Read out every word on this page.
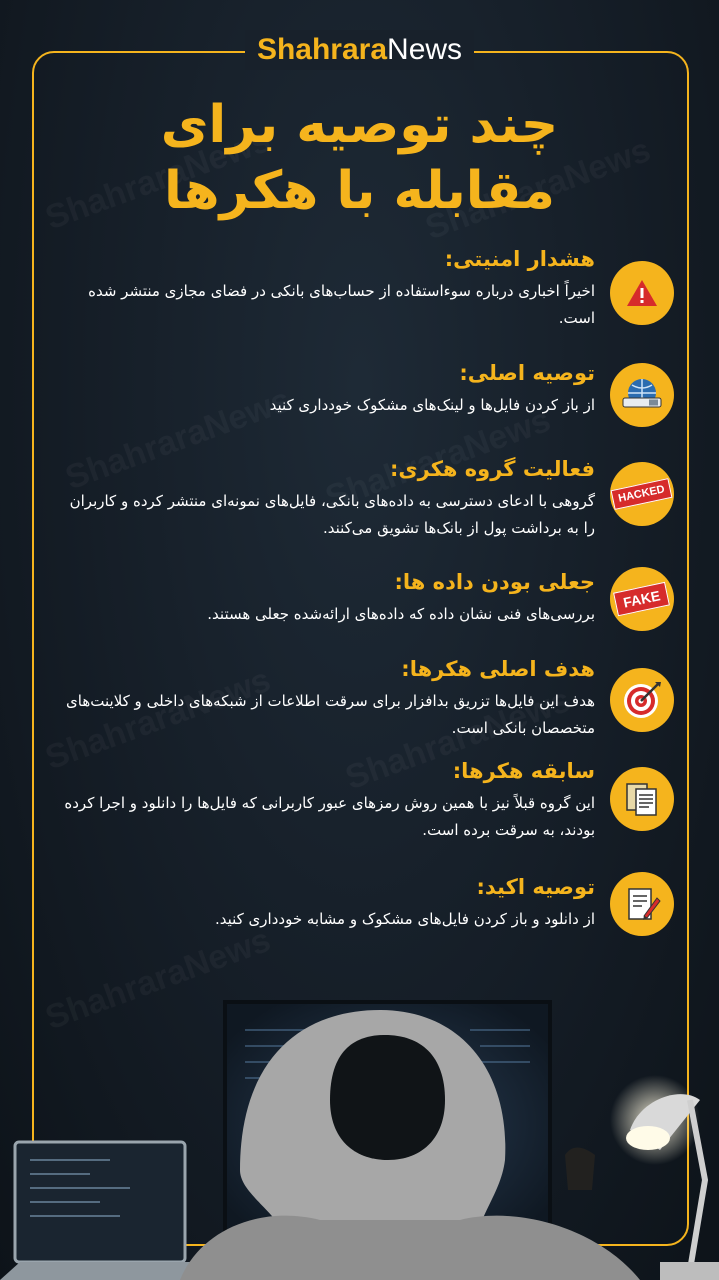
ShahraraNews
چند توصیه برای
مقابله با هکرها
هشدار امنیتی:

اخیراً اخباری درباره سوءاستفاده از حساب‌های بانکی در فضای مجازی منتشر شده است.

توصیه اصلی:

از باز کردن فایل‌ها و لینک‌های مشکوک خودداری کنید

فعالیت گروه هکری:

گروهی با ادعای دسترسی به داده‌های بانکی، فایل‌های نمونه‌ای منتشر کرده و کاربران را به برداشت پول از بانک‌ها تشویق می‌کنند.

HACKED
جعلی بودن داده ها:

بررسی‌های فنی نشان داده که داده‌های ارائه‌شده جعلی هستند.

FAKE
هدف اصلی هکرها:

هدف این فایل‌ها تزریق بدافزار برای سرقت اطلاعات از شبکه‌های داخلی و کلاینت‌های متخصصان بانکی است.

سابقه هکرها:

این گروه قبلاً نیز با همین روش رمزهای عبور کاربرانی که فایل‌ها را دانلود و اجرا کرده بودند، به سرقت برده است.

توصیه اکید:

از دانلود و باز کردن فایل‌های مشکوک و مشابه خودداری کنید.
